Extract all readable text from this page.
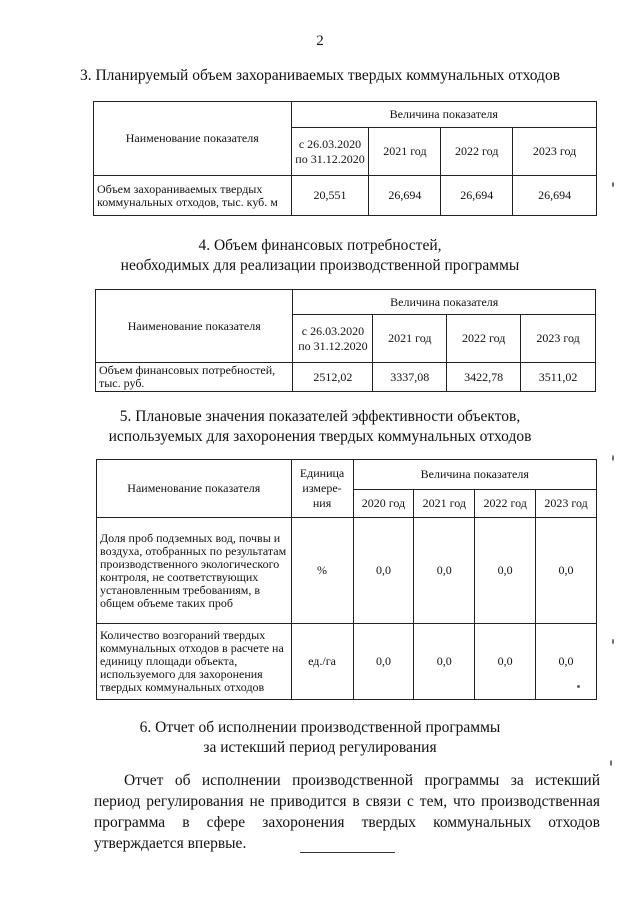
2
3. Планируемый объем захораниваемых твердых коммунальных отходов
Наименование показателя	Величина показателя			
	с 26.03.2020 по 31.12.2020	2021 год	2022 год	2023 год
Объем захораниваемых твердых коммунальных отходов, тыс. куб. м	20,551	26,694	26,694	26,694
4. Объем финансовых потребностей,
необходимых для реализации производственной программы
Наименование показателя	Величина показателя			
	с 26.03.2020 по 31.12.2020	2021 год	2022 год	2023 год
Объем финансовых потребностей, тыс. руб.	2512,02	3337,08	3422,78	3511,02
5. Плановые значения показателей эффективности объектов,
используемых для захоронения твердых коммунальных отходов
Наименование показателя	Единица измере-ния	Величина показателя			
		2020 год	2021 год	2022 год	2023 год
Доля проб подземных вод, почвы и воздуха, отобранных по результатам производственного экологического контроля, не соответствующих установленным требованиям, в общем объеме таких проб	%	0,0	0,0	0,0	0,0
Количество возгораний твердых коммунальных отходов в расчете на единицу площади объекта, используемого для захоронения твердых коммунальных отходов	ед./га	0,0	0,0	0,0	0,0
6. Отчет об исполнении производственной программы
за истекший период регулирования
Отчет об исполнении производственной программы за истекший период регулирования не приводится в связи с тем, что производственная программа в сфере захоронения твердых коммунальных отходов утверждается впервые.
